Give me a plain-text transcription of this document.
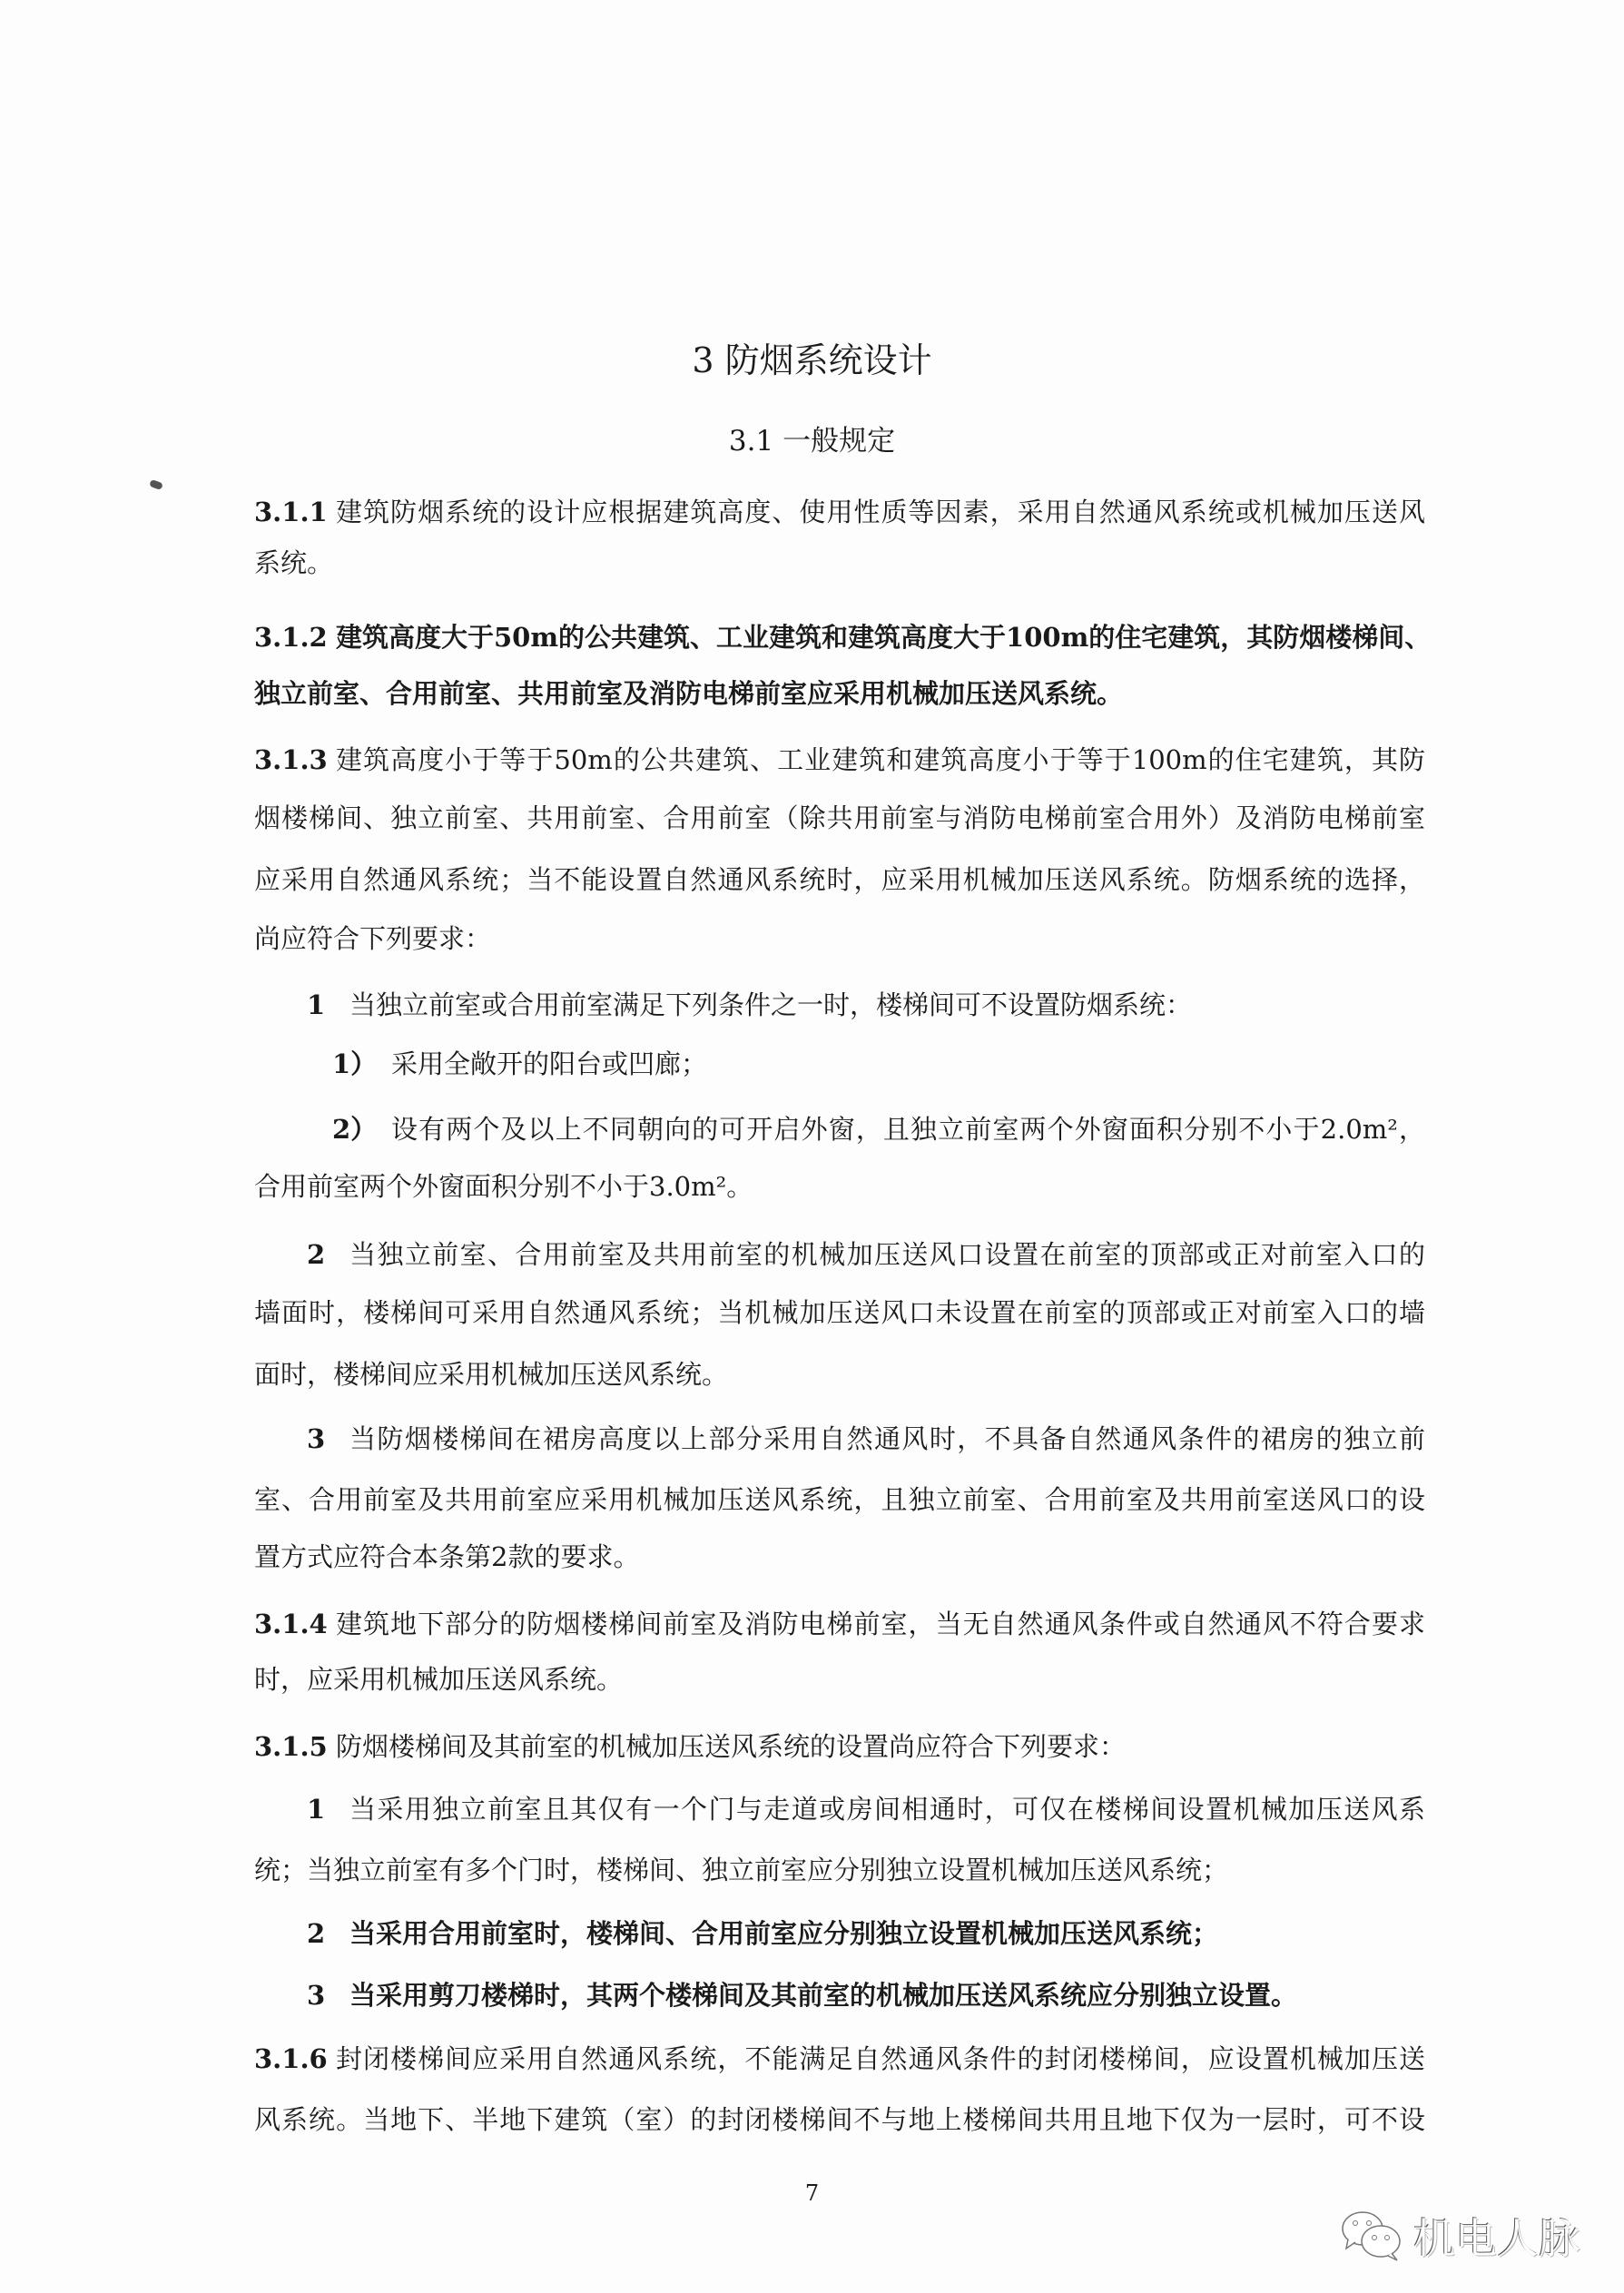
3 防烟系统设计
3.1 一般规定
3.1.1 建筑防烟系统的设计应根据建筑高度、使用性质等因素，采用自然通风系统或机械加压送风
系统。
3.1.2 建筑高度大于50m的公共建筑、工业建筑和建筑高度大于100m的住宅建筑，其防烟楼梯间、
独立前室、合用前室、共用前室及消防电梯前室应采用机械加压送风系统。
3.1.3 建筑高度小于等于50m的公共建筑、工业建筑和建筑高度小于等于100m的住宅建筑，其防
烟楼梯间、独立前室、共用前室、合用前室（除共用前室与消防电梯前室合用外）及消防电梯前室
应采用自然通风系统；当不能设置自然通风系统时，应采用机械加压送风系统。防烟系统的选择，
尚应符合下列要求：
1 当独立前室或合用前室满足下列条件之一时，楼梯间可不设置防烟系统：
1） 采用全敞开的阳台或凹廊；
2） 设有两个及以上不同朝向的可开启外窗，且独立前室两个外窗面积分别不小于2.0m²，
合用前室两个外窗面积分别不小于3.0m²。
2 当独立前室、合用前室及共用前室的机械加压送风口设置在前室的顶部或正对前室入口的
墙面时，楼梯间可采用自然通风系统；当机械加压送风口未设置在前室的顶部或正对前室入口的墙
面时，楼梯间应采用机械加压送风系统。
3 当防烟楼梯间在裙房高度以上部分采用自然通风时，不具备自然通风条件的裙房的独立前
室、合用前室及共用前室应采用机械加压送风系统，且独立前室、合用前室及共用前室送风口的设
置方式应符合本条第2款的要求。
3.1.4 建筑地下部分的防烟楼梯间前室及消防电梯前室，当无自然通风条件或自然通风不符合要求
时，应采用机械加压送风系统。
3.1.5 防烟楼梯间及其前室的机械加压送风系统的设置尚应符合下列要求：
1 当采用独立前室且其仅有一个门与走道或房间相通时，可仅在楼梯间设置机械加压送风系
统；当独立前室有多个门时，楼梯间、独立前室应分别独立设置机械加压送风系统；
2 当采用合用前室时，楼梯间、合用前室应分别独立设置机械加压送风系统；
3 当采用剪刀楼梯时，其两个楼梯间及其前室的机械加压送风系统应分别独立设置。
3.1.6 封闭楼梯间应采用自然通风系统，不能满足自然通风条件的封闭楼梯间，应设置机械加压送
风系统。当地下、半地下建筑（室）的封闭楼梯间不与地上楼梯间共用且地下仅为一层时，可不设
7
机电人脉
